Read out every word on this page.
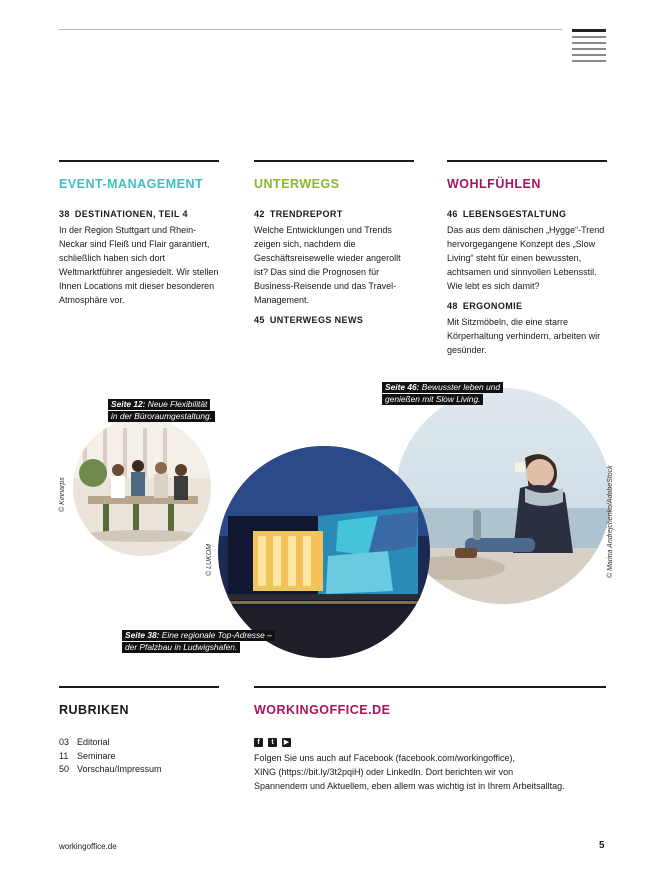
EVENT-MANAGEMENT
38 DESTINATIONEN, TEIL 4
In der Region Stuttgart und Rhein-Neckar sind Fleiß und Flair garantiert, schließlich haben sich dort Weltmarktführer angesiedelt. Wir stellen Ihnen Locations mit dieser besonderen Atmosphäre vor.
UNTERWEGS
42 TRENDREPORT
Welche Entwicklungen und Trends zeigen sich, nachdem die Geschäftsreisewelle wieder angerollt ist? Das sind die Prognosen für Business-Reisende und das Travel-Management.
45 UNTERWEGS NEWS
WOHLFÜHLEN
46 LEBENSGESTALTUNG
Das aus dem dänischen „Hygge“-Trend hervorgegangene Konzept des „Slow Living“ steht für einen bewussten, achtsamen und sinnvollen Lebensstil. Wie lebt es sich damit?
48 ERGONOMIE
Mit Sitzmöbeln, die eine starre Körperhaltung verhindern, arbeiten wir gesünder.
Seite 12: Neue Flexibilität
in der Büroraumgestaltung.
Seite 46: Bewusster leben und
genießen mit Slow Living.
Seite 38: Eine regionale Top-Adresse –
der Pfalzbau in Ludwigshafen.
© Kinnarps
© LUKOM	© Marina Andrejchenko/AdobeStock
RUBRIKEN
03 Editorial
11 Seminare
50 Vorschau/Impressum
WORKINGOFFICE.DE
f	t	▶
Folgen Sie uns auch auf Facebook (facebook.com/workingoffice),
XING (https://bit.ly/3t2pqiH) oder LinkedIn. Dort berichten wir von
Spannendem und Aktuellem, eben allem was wichtig ist in Ihrem Arbeitsalltag.
workingoffice.de	5
